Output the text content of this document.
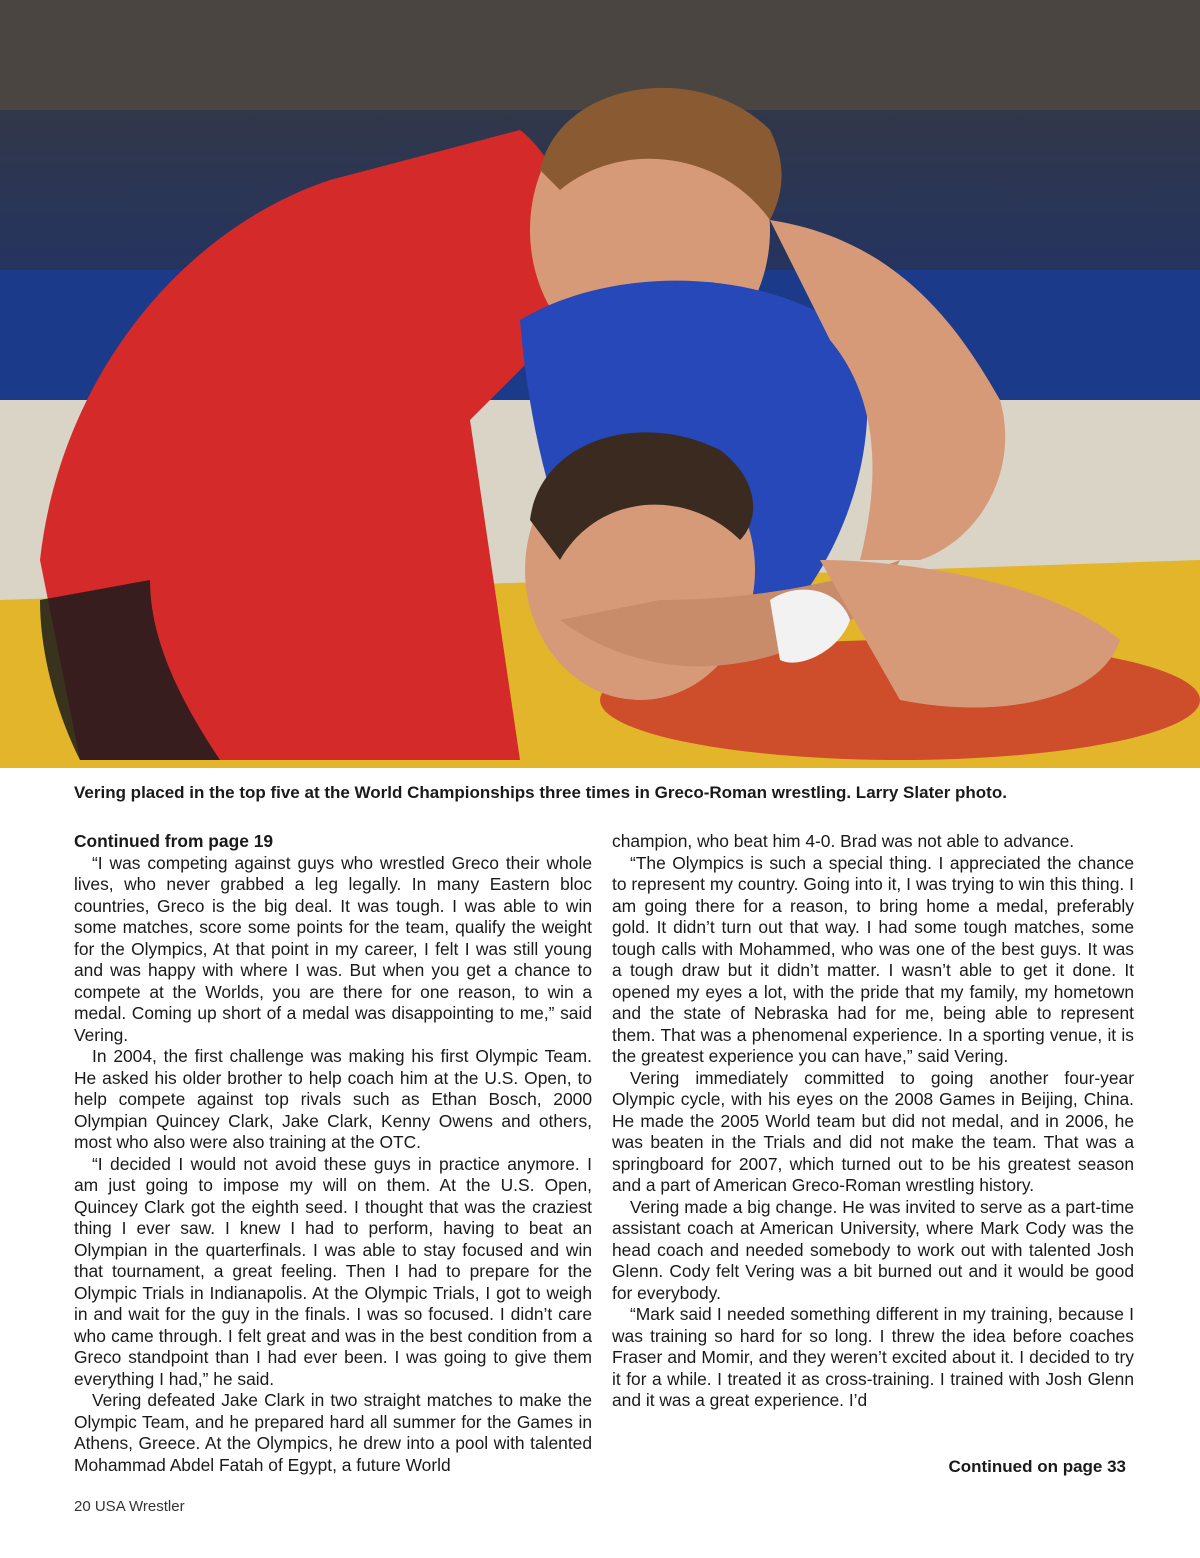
Vering placed in the top five at the World Championships three times in Greco-Roman wrestling. Larry Slater photo.

Continued from page 19

“I was competing against guys who wrestled Greco their whole lives, who never grabbed a leg legally. In many Eastern bloc countries, Greco is the big deal. It was tough. I was able to win some matches, score some points for the team, qualify the weight for the Olympics, At that point in my career, I felt I was still young and was happy with where I was. But when you get a chance to compete at the Worlds, you are there for one reason, to win a medal. Coming up short of a medal was disappointing to me,” said Vering.

In 2004, the first challenge was making his first Olympic Team. He asked his older brother to help coach him at the U.S. Open, to help compete against top rivals such as Ethan Bosch, 2000 Olympian Quincey Clark, Jake Clark, Kenny Owens and others, most who also were also training at the OTC.

“I decided I would not avoid these guys in practice anymore. I am just going to impose my will on them. At the U.S. Open, Quincey Clark got the eighth seed. I thought that was the craziest thing I ever saw. I knew I had to perform, having to beat an Olympian in the quarterfinals. I was able to stay focused and win that tournament, a great feeling. Then I had to prepare for the Olympic Trials in Indianapolis. At the Olympic Trials, I got to weigh in and wait for the guy in the finals. I was so focused. I didn’t care who came through. I felt great and was in the best condition from a Greco standpoint than I had ever been. I was going to give them everything I had,” he said.

Vering defeated Jake Clark in two straight matches to make the Olympic Team, and he prepared hard all summer for the Games in Athens, Greece. At the Olympics, he drew into a pool with talented Mohammad Abdel Fatah of Egypt, a future World

champion, who beat him 4-0. Brad was not able to advance.

“The Olympics is such a special thing. I appreciated the chance to represent my country. Going into it, I was trying to win this thing. I am going there for a reason, to bring home a medal, preferably gold. It didn’t turn out that way. I had some tough matches, some tough calls with Mohammed, who was one of the best guys. It was a tough draw but it didn’t matter. I wasn’t able to get it done. It opened my eyes a lot, with the pride that my family, my hometown and the state of Nebraska had for me, being able to represent them. That was a phenomenal experience. In a sporting venue, it is the greatest experience you can have,” said Vering.

Vering immediately committed to going another four-year Olympic cycle, with his eyes on the 2008 Games in Beijing, China. He made the 2005 World team but did not medal, and in 2006, he was beaten in the Trials and did not make the team. That was a springboard for 2007, which turned out to be his greatest season and a part of American Greco-Roman wrestling history.

Vering made a big change. He was invited to serve as a part-time assistant coach at American University, where Mark Cody was the head coach and needed somebody to work out with talented Josh Glenn. Cody felt Vering was a bit burned out and it would be good for everybody.

“Mark said I needed something different in my training, because I was training so hard for so long. I threw the idea before coaches Fraser and Momir, and they weren’t excited about it. I decided to try it for a while. I treated it as cross-training. I trained with Josh Glenn and it was a great experience. I’d

Continued on page 33
20 USA Wrestler
